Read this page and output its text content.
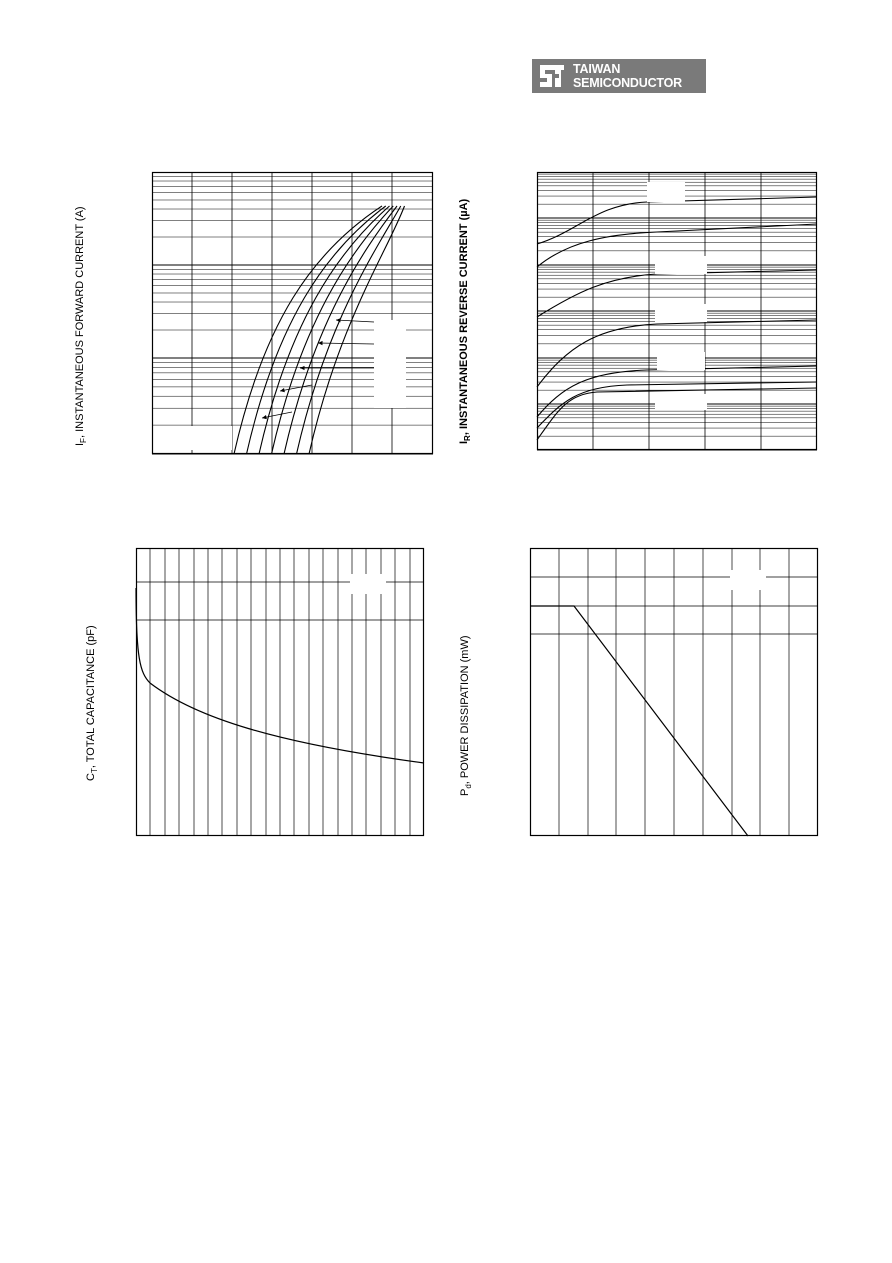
TAIWAN
SEMICONDUCTOR
$I_F$, INSTANTANEOUS FORWARD CURRENT (A)
$I_R$, INSTANTANEOUS REVERSE CURRENT (µA)
$C_T$, TOTAL CAPACITANCE (pF)
$P_d$, POWER DISSIPATION (mW)
